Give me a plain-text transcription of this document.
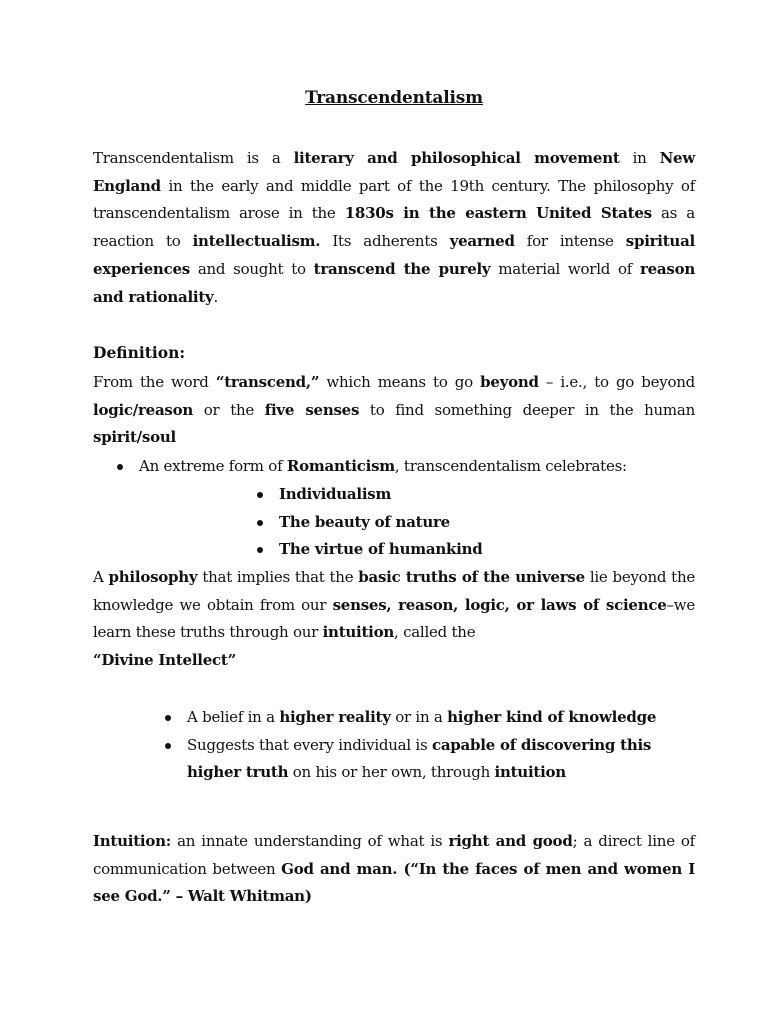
Transcendentalism

Transcendentalism is a literary and philosophical movement in New England in the early and middle part of the 19th century. The philosophy of transcendentalism arose in the 1830s in the eastern United States as a reaction to intellectualism. Its adherents yearned for intense spiritual experiences and sought to transcend the purely material world of reason and rationality.

Definition:

From the word “transcend,” which means to go beyond – i.e., to go beyond logic/reason or the five senses to find something deeper in the human spirit/soul

An extreme form of Romanticism, transcendentalism celebrates:
Individualism
The beauty of nature
The virtue of humankind

A philosophy that implies that the basic truths of the universe lie beyond the knowledge we obtain from our senses, reason, logic, or laws of science–we learn these truths through our intuition, called the
“Divine Intellect”

A belief in a higher reality or in a higher kind of knowledge
Suggests that every individual is capable of discovering this higher truth on his or her own, through intuition

Intuition: an innate understanding of what is right and good; a direct line of communication between God and man. (“In the faces of men and women I see God.” – Walt Whitman)
